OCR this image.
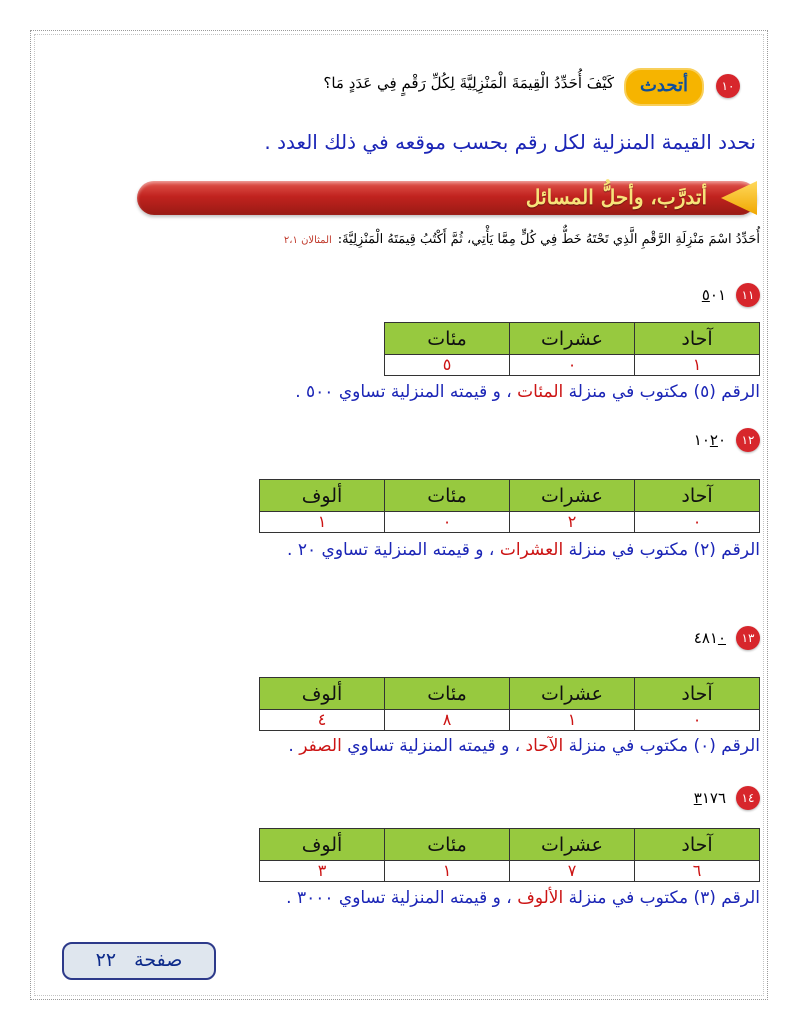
١٠
أتحدث
كَيْفَ أُحَدِّدُ الْقِيمَةَ الْمَنْزِلِيَّةَ لِكُلِّ رَقْمٍ فِي عَدَدٍ مَا؟
نحدد القيمة المنزلية لكل رقم بحسب موقعه في ذلك العدد .
أتدرَّب، وأحلُّ المسائل
أُحَدِّدُ اسْمَ مَنْزِلَةِ الرَّقْمِ الَّذِي تَحْتَهُ خَطٌّ فِي كُلٍّ مِمَّا يَأْتِي، ثُمَّ أَكْتُبُ قِيمَتَهُ الْمَنْزِلِيَّةَ:المثالان ٢،١
١١
٥٠١
آحاد	عشرات	مئات
١	٠	٥
الرقم (٥) مكتوب في منزلة المئات ، و قيمته المنزلية تساوي ٥٠٠ .
١٢
١٠٢٠
آحاد	عشرات	مئات	ألوف
٠	٢	٠	١
الرقم (٢) مكتوب في منزلة العشرات ، و قيمته المنزلية تساوي ٢٠ .
١٣
٤٨١٠
آحاد	عشرات	مئات	ألوف
٠	١	٨	٤
الرقم (٠) مكتوب في منزلة الآحاد ، و قيمته المنزلية تساوي الصفر .
١٤
٣١٧٦
آحاد	عشرات	مئات	ألوف
٦	٧	١	٣
الرقم (٣) مكتوب في منزلة الألوف ، و قيمته المنزلية تساوي ٣٠٠٠ .
صفحة   ٢٢
